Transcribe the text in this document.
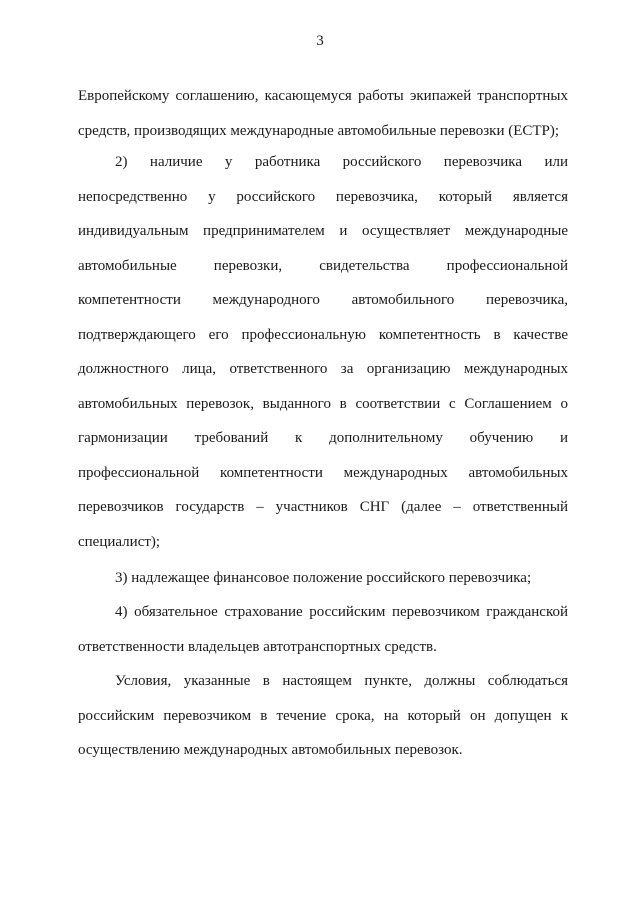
3
Европейскому соглашению, касающемуся работы экипажей транспортных
средств, производящих международные автомобильные перевозки (ЕСТР);
2) наличие у работника российского перевозчика или
непосредственно у российского перевозчика, который является
индивидуальным предпринимателем и осуществляет международные
автомобильные перевозки, свидетельства профессиональной
компетентности международного автомобильного перевозчика,
подтверждающего его профессиональную компетентность в качестве
должностного лица, ответственного за организацию международных
автомобильных перевозок, выданного в соответствии с Соглашением о
гармонизации требований к дополнительному обучению и
профессиональной компетентности международных автомобильных
перевозчиков государств – участников СНГ (далее – ответственный
специалист);
3) надлежащее финансовое положение российского перевозчика;
4) обязательное страхование российским перевозчиком гражданской
ответственности владельцев автотранспортных средств.
Условия, указанные в настоящем пункте, должны соблюдаться
российским перевозчиком в течение срока, на который он допущен к
осуществлению международных автомобильных перевозок.
